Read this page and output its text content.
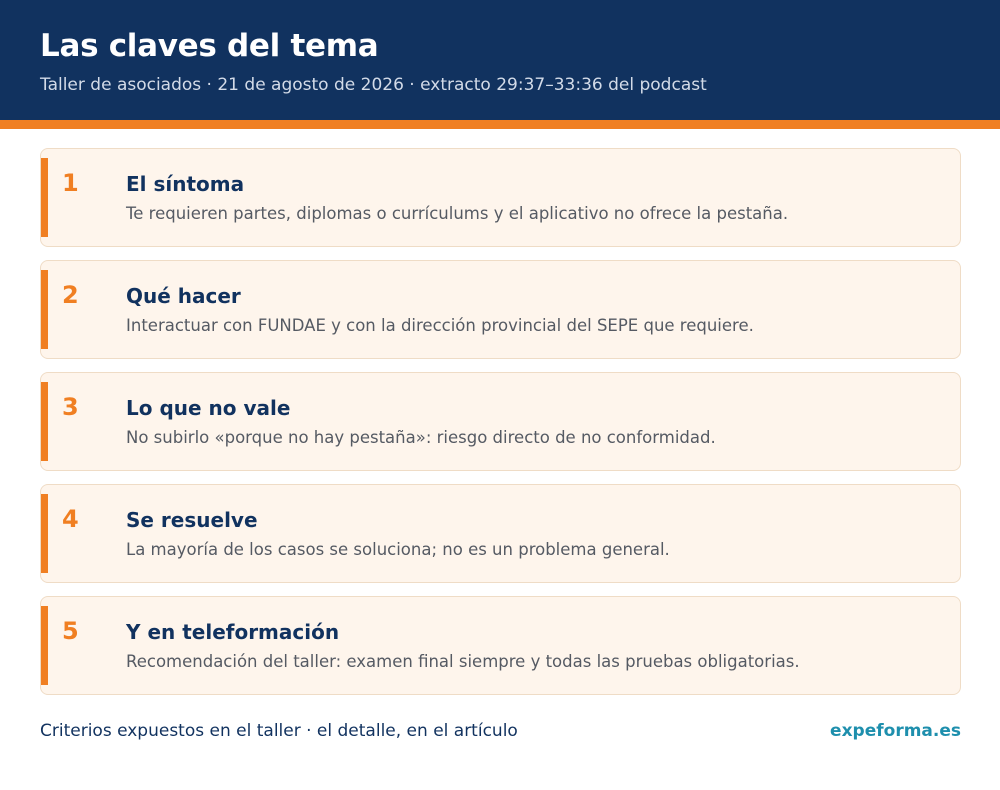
Las claves del tema
Taller de asociados · 21 de agosto de 2026 · extracto 29:37–33:36 del podcast
1 El síntoma
Te requieren partes, diplomas o currículums y el aplicativo no ofrece la pestaña.
2 Qué hacer
Interactuar con FUNDAE y con la dirección provincial del SEPE que requiere.
3 Lo que no vale
No subirlo «porque no hay pestaña»: riesgo directo de no conformidad.
4 Se resuelve
La mayoría de los casos se soluciona; no es un problema general.
5 Y en teleformación
Recomendación del taller: examen final siempre y todas las pruebas obligatorias.
Criterios expuestos en el taller · el detalle, en el artículo	expeforma.es
